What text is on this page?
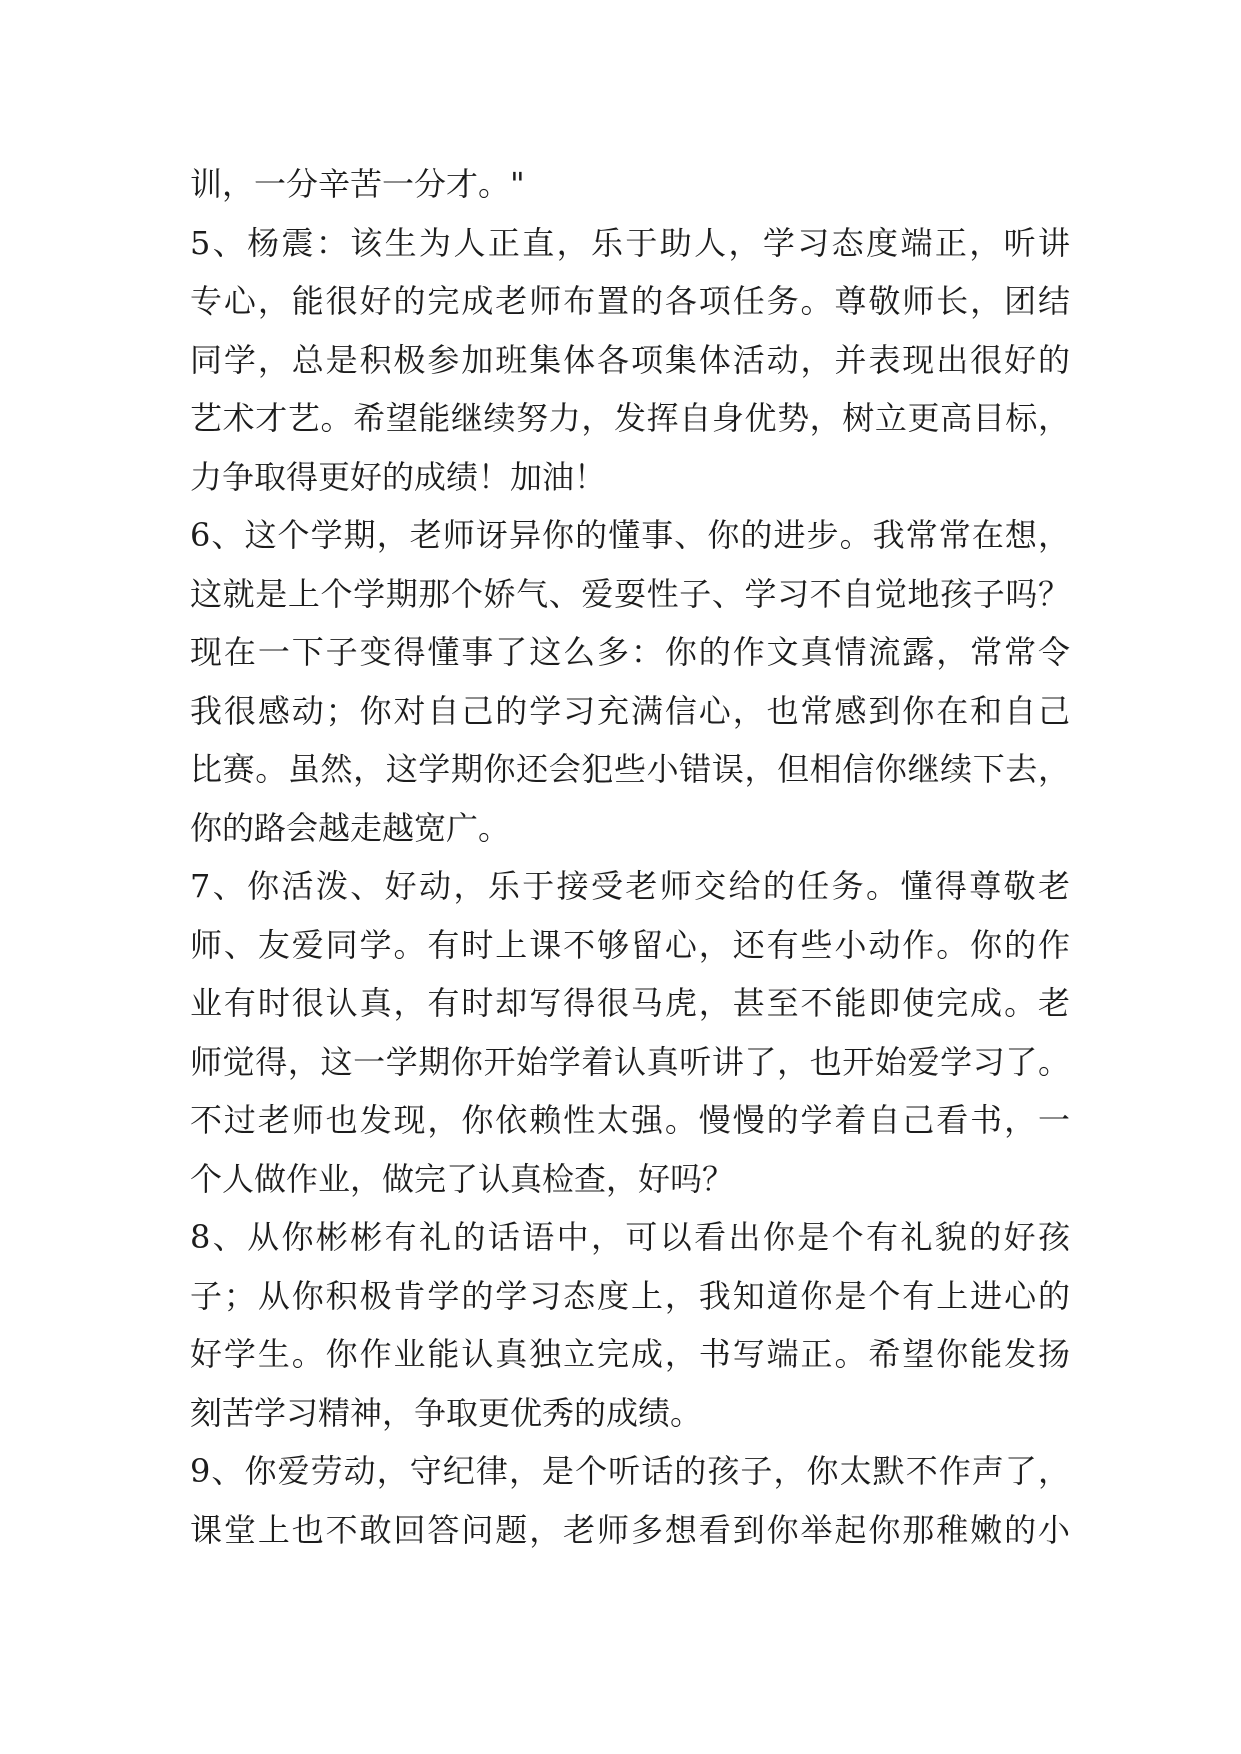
训，一分辛苦一分才。"
5、杨震：该生为人正直，乐于助人，学习态度端正，听讲
专心，能很好的完成老师布置的各项任务。尊敬师长，团结
同学，总是积极参加班集体各项集体活动，并表现出很好的
艺术才艺。希望能继续努力，发挥自身优势，树立更高目标，
力争取得更好的成绩！加油！
6、这个学期，老师讶异你的懂事、你的进步。我常常在想，
这就是上个学期那个娇气、爱耍性子、学习不自觉地孩子吗？
现在一下子变得懂事了这么多：你的作文真情流露，常常令
我很感动；你对自己的学习充满信心，也常感到你在和自己
比赛。虽然，这学期你还会犯些小错误，但相信你继续下去，
你的路会越走越宽广。
7、你活泼、好动，乐于接受老师交给的任务。懂得尊敬老
师、友爱同学。有时上课不够留心，还有些小动作。你的作
业有时很认真，有时却写得很马虎，甚至不能即使完成。老
师觉得，这一学期你开始学着认真听讲了，也开始爱学习了。
不过老师也发现，你依赖性太强。慢慢的学着自己看书，一
个人做作业，做完了认真检查，好吗？
8、从你彬彬有礼的话语中，可以看出你是个有礼貌的好孩
子；从你积极肯学的学习态度上，我知道你是个有上进心的
好学生。你作业能认真独立完成，书写端正。希望你能发扬
刻苦学习精神，争取更优秀的成绩。
9、你爱劳动，守纪律，是个听话的孩子，你太默不作声了，
课堂上也不敢回答问题，老师多想看到你举起你那稚嫩的小
